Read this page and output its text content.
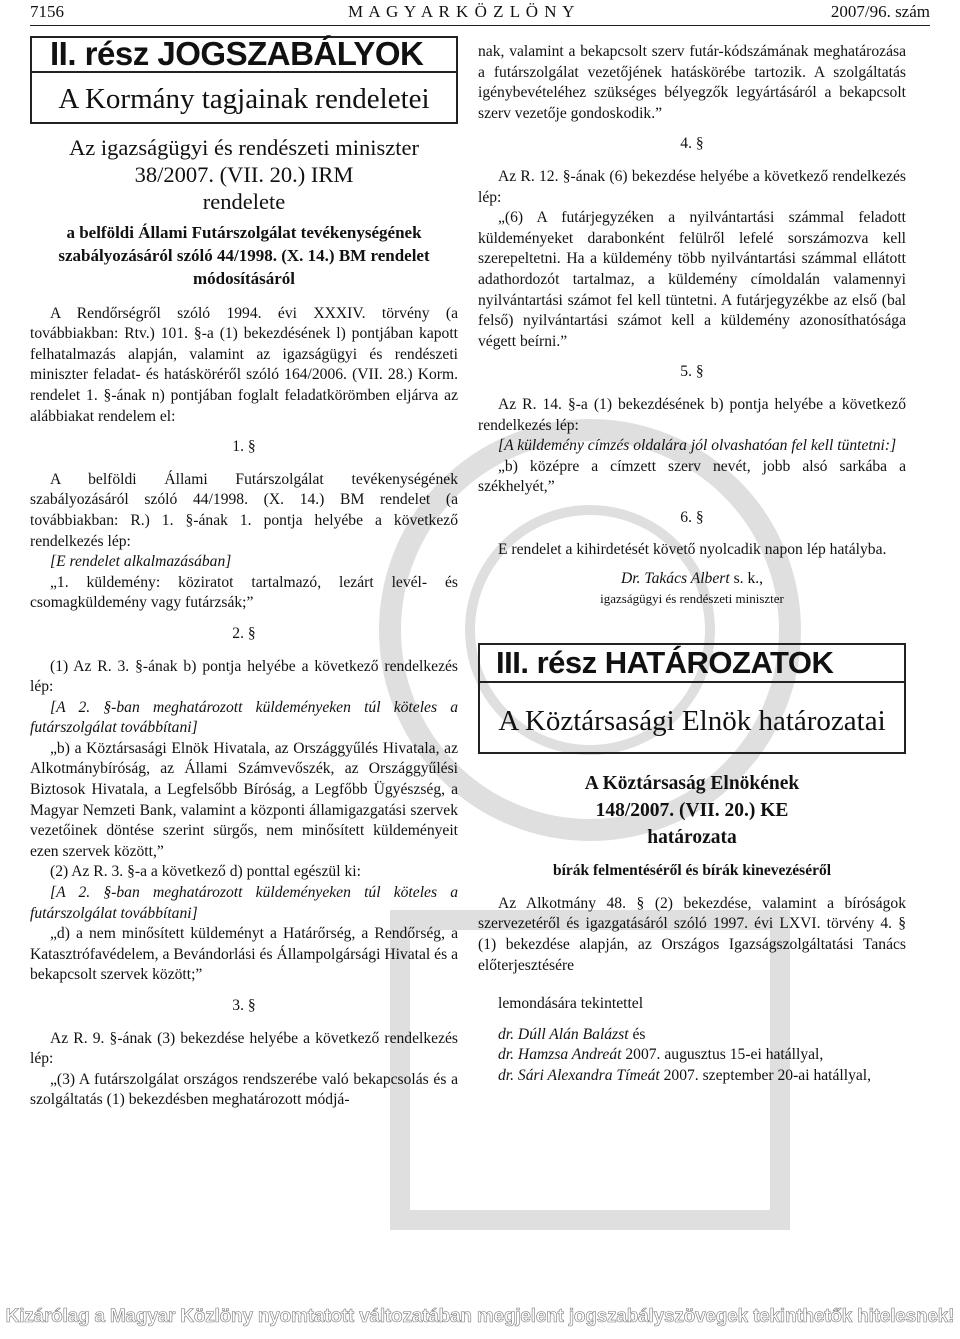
7156	M A G Y A R K Ö Z L Ö N Y	2007/96. szám
II. rész JOGSZABÁLYOK
A Kormány tagjainak rendeletei
Az igazságügyi és rendészeti miniszter
38/2007. (VII. 20.) IRM
rendelete
a belföldi Állami Futárszolgálat tevékenységének szabályozásáról szóló 44/1998. (X. 14.) BM rendelet módosításáról

A Rendőrségről szóló 1994. évi XXXIV. törvény (a továbbiakban: Rtv.) 101. §-a (1) bekezdésének l) pontjában kapott felhatalmazás alapján, valamint az igazságügyi és rendészeti miniszter feladat- és hatásköréről szóló 164/2006. (VII. 28.) Korm. rendelet 1. §-ának n) pontjában foglalt feladatkörömben eljárva az alábbiakat rendelem el:

1. §

A belföldi Állami Futárszolgálat tevékenységének szabályozásáról szóló 44/1998. (X. 14.) BM rendelet (a továbbiakban: R.) 1. §-ának 1. pontja helyébe a következő rendelkezés lép:

[E rendelet alkalmazásában]

„1. küldemény: köziratot tartalmazó, lezárt levél- és csomagküldemény vagy futárzsák;”

2. §

(1) Az R. 3. §-ának b) pontja helyébe a következő rendelkezés lép:

[A 2. §-ban meghatározott küldeményeken túl köteles a futárszolgálat továbbítani]

„b) a Köztársasági Elnök Hivatala, az Országgyűlés Hivatala, az Alkotmánybíróság, az Állami Számvevőszék, az Országgyűlési Biztosok Hivatala, a Legfelsőbb Bíróság, a Legfőbb Ügyészség, a Magyar Nemzeti Bank, valamint a központi államigazgatási szervek vezetőinek döntése szerint sürgős, nem minősített küldeményeit ezen szervek között,”

(2) Az R. 3. §-a a következő d) ponttal egészül ki:

[A 2. §-ban meghatározott küldeményeken túl köteles a futárszolgálat továbbítani]

„d) a nem minősített küldeményt a Határőrség, a Rendőrség, a Katasztrófavédelem, a Bevándorlási és Állampolgársági Hivatal és a bekapcsolt szervek között;”

3. §

Az R. 9. §-ának (3) bekezdése helyébe a következő rendelkezés lép:

„(3) A futárszolgálat országos rendszerébe való bekapcsolás és a szolgáltatás (1) bekezdésben meghatározott módjá-

nak, valamint a bekapcsolt szerv futár-kódszámának meghatározása a futárszolgálat vezetőjének hatáskörébe tartozik. A szolgáltatás igénybevételéhez szükséges bélyegzők legyártásáról a bekapcsolt szerv vezetője gondoskodik.”

4. §

Az R. 12. §-ának (6) bekezdése helyébe a következő rendelkezés lép:

„(6) A futárjegyzéken a nyilvántartási számmal feladott küldeményeket darabonként felülről lefelé sorszámozva kell szerepeltetni. Ha a küldemény több nyilvántartási számmal ellátott adathordozót tartalmaz, a küldemény címoldalán valamennyi nyilvántartási számot fel kell tüntetni. A futárjegyzékbe az első (bal felső) nyilvántartási számot kell a küldemény azonosíthatósága végett beírni.”

5. §

Az R. 14. §-a (1) bekezdésének b) pontja helyébe a következő rendelkezés lép:

[A küldemény címzés oldalára jól olvashatóan fel kell tüntetni:]

„b) középre a címzett szerv nevét, jobb alsó sarkába a székhelyét,”

6. §

E rendelet a kihirdetését követő nyolcadik napon lép hatályba.

Dr. Takács Albert s. k.,
igazságügyi és rendészeti miniszter
III. rész HATÁROZATOK
A Köztársasági Elnök határozatai
A Köztársaság Elnökének
148/2007. (VII. 20.) KE
határozata
bírák felmentéséről és bírák kinevezéséről

Az Alkotmány 48. § (2) bekezdése, valamint a bíróságok szervezetéről és igazgatásáról szóló 1997. évi LXVI. törvény 4. § (1) bekezdése alapján, az Országos Igazságszolgáltatási Tanács előterjesztésére

lemondására tekintettel

dr. Dúll Alán Balázst és

dr. Hamzsa Andreát 2007. augusztus 15-ei hatállyal,

dr. Sári Alexandra Tímeát 2007. szeptember 20-ai hatállyal,

Kizárólag a Magyar Közlöny nyomtatott változatában megjelent jogszabályszövegek tekinthetők hitelesnek!
